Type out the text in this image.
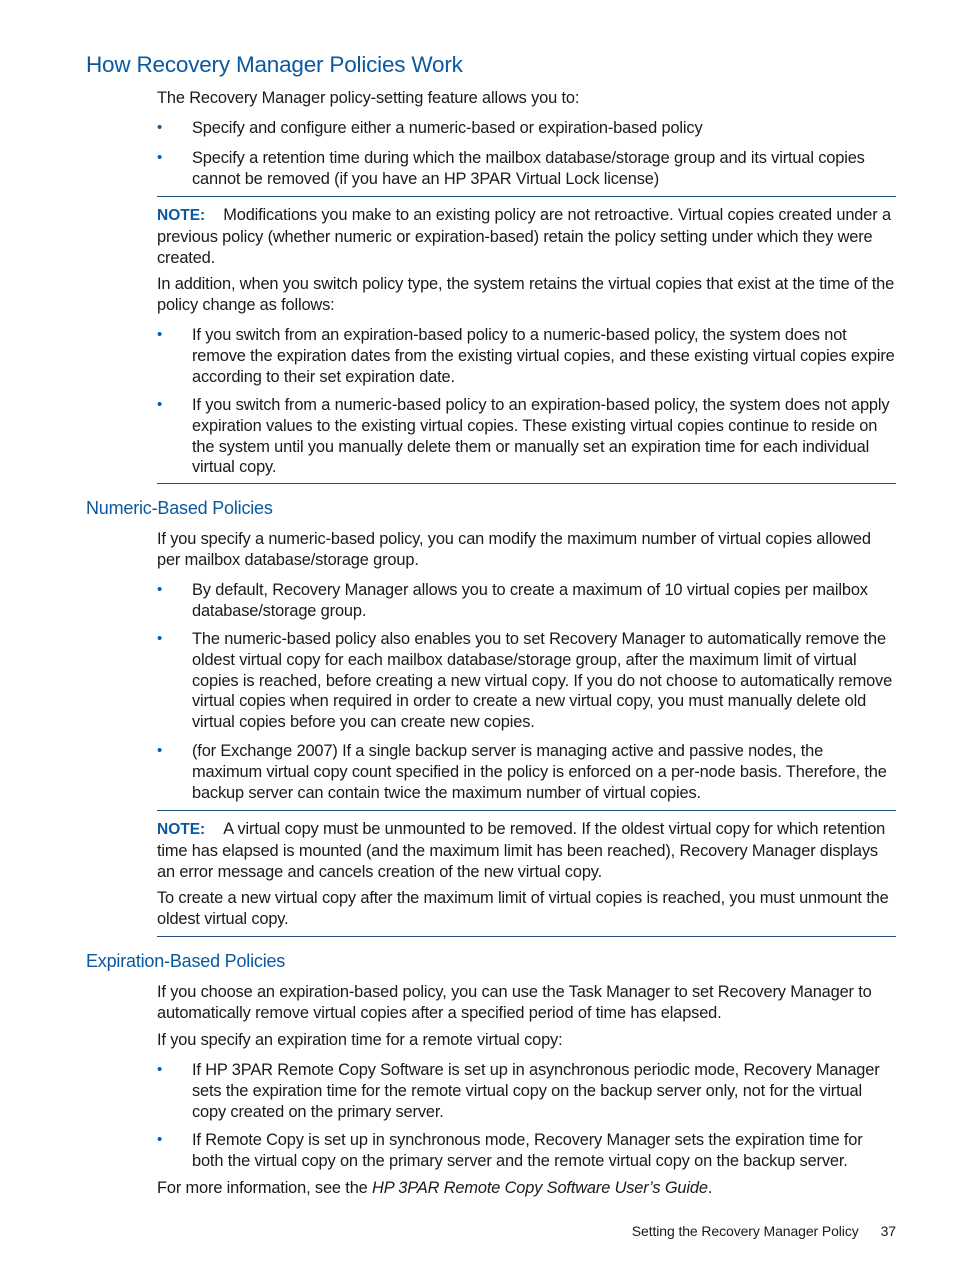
How Recovery Manager Policies Work

The Recovery Manager policy-setting feature allows you to:

•	Specify and configure either a numeric-based or expiration-based policy

•	Specify a retention time during which the mailbox database/storage group and its virtual copies cannot be removed (if you have an HP 3PAR Virtual Lock license)

NOTE: Modifications you make to an existing policy are not retroactive. Virtual copies created under a previous policy (whether numeric or expiration-based) retain the policy setting under which they were created.

In addition, when you switch policy type, the system retains the virtual copies that exist at the time of the policy change as follows:

•	If you switch from an expiration-based policy to a numeric-based policy, the system does not remove the expiration dates from the existing virtual copies, and these existing virtual copies expire according to their set expiration date.

•	If you switch from a numeric-based policy to an expiration-based policy, the system does not apply expiration values to the existing virtual copies. These existing virtual copies continue to reside on the system until you manually delete them or manually set an expiration time for each individual virtual copy.

Numeric-Based Policies

If you specify a numeric-based policy, you can modify the maximum number of virtual copies allowed per mailbox database/storage group.

•	By default, Recovery Manager allows you to create a maximum of 10 virtual copies per mailbox database/storage group.

•	The numeric-based policy also enables you to set Recovery Manager to automatically remove the oldest virtual copy for each mailbox database/storage group, after the maximum limit of virtual copies is reached, before creating a new virtual copy. If you do not choose to automatically remove virtual copies when required in order to create a new virtual copy, you must manually delete old virtual copies before you can create new copies.

•	(for Exchange 2007) If a single backup server is managing active and passive nodes, the maximum virtual copy count specified in the policy is enforced on a per-node basis. Therefore, the backup server can contain twice the maximum number of virtual copies.

NOTE: A virtual copy must be unmounted to be removed. If the oldest virtual copy for which retention time has elapsed is mounted (and the maximum limit has been reached), Recovery Manager displays an error message and cancels creation of the new virtual copy.

To create a new virtual copy after the maximum limit of virtual copies is reached, you must unmount the oldest virtual copy.

Expiration-Based Policies

If you choose an expiration-based policy, you can use the Task Manager to set Recovery Manager to automatically remove virtual copies after a specified period of time has elapsed.

If you specify an expiration time for a remote virtual copy:

•	If HP 3PAR Remote Copy Software is set up in asynchronous periodic mode, Recovery Manager sets the expiration time for the remote virtual copy on the backup server only, not for the virtual copy created on the primary server.

•	If Remote Copy is set up in synchronous mode, Recovery Manager sets the expiration time for both the virtual copy on the primary server and the remote virtual copy on the backup server.

For more information, see the HP 3PAR Remote Copy Software User’s Guide.

Setting the Recovery Manager Policy 37
